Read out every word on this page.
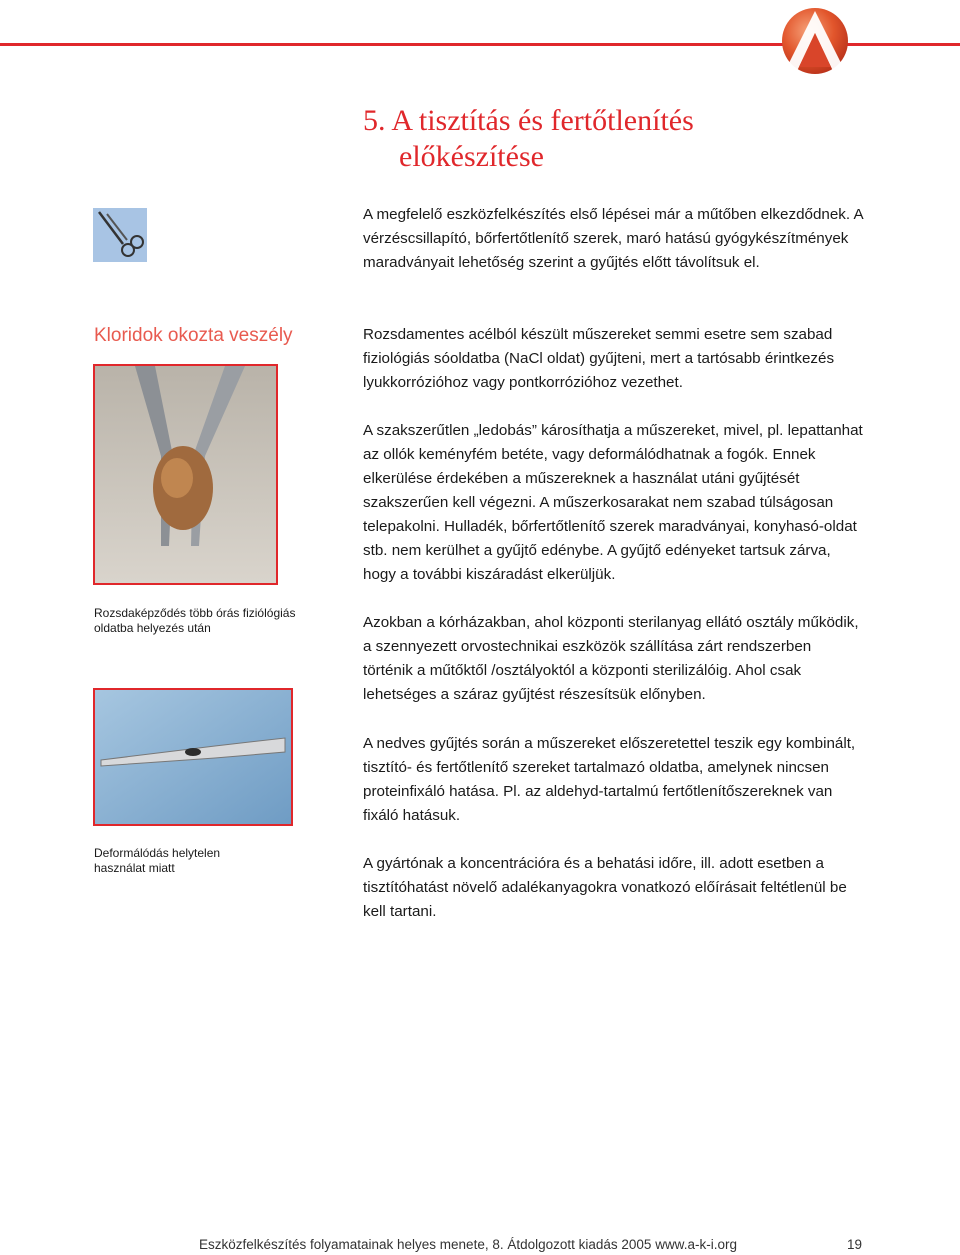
5. A tisztítás és fertőtlenítés
előkészítése
A megfelelő eszközfelkészítés első lépései már a műtőben elkezdődnek. A vérzéscsillapító, bőrfertőtlenítő szerek, maró hatású gyógykészítmények maradványait lehetőség szerint a gyűjtés előtt távolítsuk el.
Kloridok okozta veszély	Rozsdamentes acélból készült műszereket semmi esetre sem szabad fiziológiás sóoldatba (NaCl oldat) gyűjteni, mert a tartósabb érintkezés lyukkorrózióhoz vagy pontkorrózióhoz vezethet.
A szakszerűtlen „ledobás” károsíthatja a műszereket, mivel, pl. lepattanhat az ollók keményfém betéte, vagy deformálódhatnak a fogók. Ennek elkerülése érdekében a műszereknek a használat utáni gyűjtését szakszerűen kell végezni. A műszerkosarakat nem szabad túlságosan telepakolni. Hulladék, bőrfertőtlenítő szerek maradványai, konyhasó-oldat stb. nem kerülhet a gyűjtő edénybe. A gyűjtő edényeket tartsuk zárva, hogy a további kiszáradást elkerüljük.
Rozsdaképződés több órás fiziólógiás oldatba helyezés után	Azokban a kórházakban, ahol központi sterilanyag ellátó osztály működik, a szennyezett orvostechnikai eszközök szállítása zárt rendszerben történik a műtőktől /osztályoktól a központi sterilizálóig. Ahol csak lehetséges a száraz gyűjtést részesítsük előnyben.
A nedves gyűjtés során a műszereket előszeretettel teszik egy kombinált, tisztító- és fertőtlenítő szereket tartalmazó oldatba, amelynek nincsen proteinfixáló hatása. Pl. az aldehyd-tartalmú fertőtlenítőszereknek van fixáló hatásuk.
Deformálódás helytelen használat miatt	A gyártónak a koncentrációra és a behatási időre, ill. adott esetben a tisztítóhatást növelő adalékanyagokra vonatkozó előírásait feltétlenül be kell tartani.
Eszközfelkészítés folyamatainak helyes menete, 8. Átdolgozott kiadás 2005 www.a-k-i.org	19
